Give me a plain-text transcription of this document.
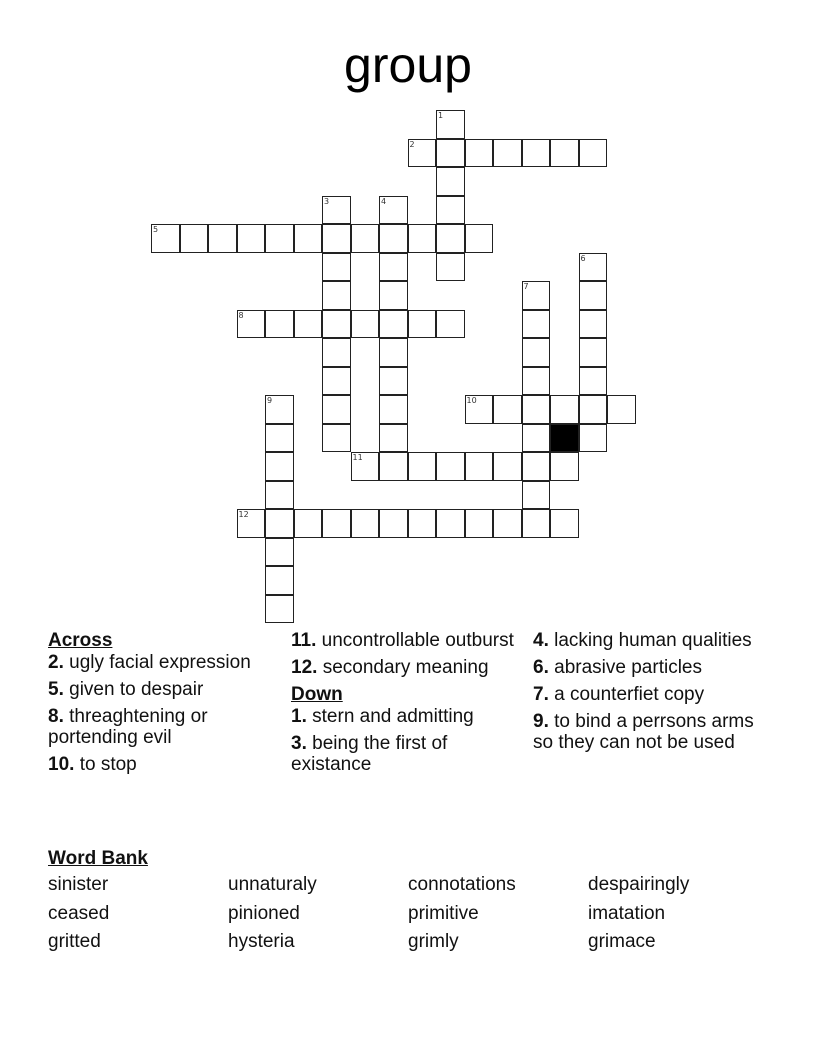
group
1
2
3	4
5
6
7
8
9	10
11
12
Across
2. ugly facial expression
5. given to despair
8. threaghtening or portending evil
10. to stop
11. uncontrollable outburst
12. secondary meaning
Down
1. stern and admitting
3. being the first of existance
4. lacking human qualities
6. abrasive particles
7. a counterfiet copy
9. to bind a perrsons arms so they can not be used
Word Bank
sinister	unnaturaly	connotations	despairingly
ceased	pinioned	primitive	imatation
gritted	hysteria	grimly	grimace
